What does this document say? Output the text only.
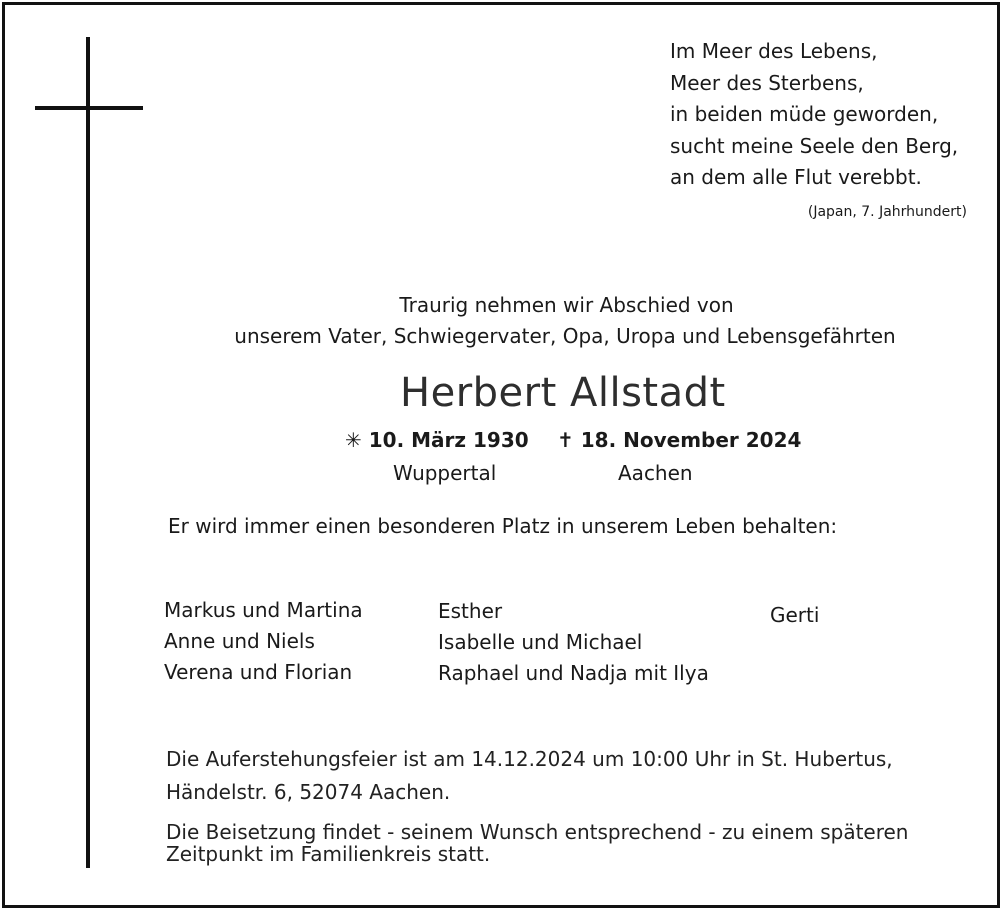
Im Meer des Lebens,
Meer des Sterbens,
in beiden müde geworden,
sucht meine Seele den Berg,
an dem alle Flut verebbt.
(Japan, 7. Jahrhundert)
Traurig nehmen wir Abschied von
unserem Vater, Schwiegervater, Opa, Uropa und Lebensgefährten
Herbert Allstadt
✳ 10. März 1930 ✝ 18. November 2024
Wuppertal	Aachen
Er wird immer einen besonderen Platz in unserem Leben behalten:
Markus und Martina
Anne und Niels
Verena und Florian
Esther
Isabelle und Michael
Raphael und Nadja mit Ilya
Gerti
Die Auferstehungsfeier ist am 14.12.2024 um 10:00 Uhr in St. Hubertus,
Händelstr. 6, 52074 Aachen.
Die Beisetzung findet - seinem Wunsch entsprechend - zu einem späteren
Zeitpunkt im Familienkreis statt.
